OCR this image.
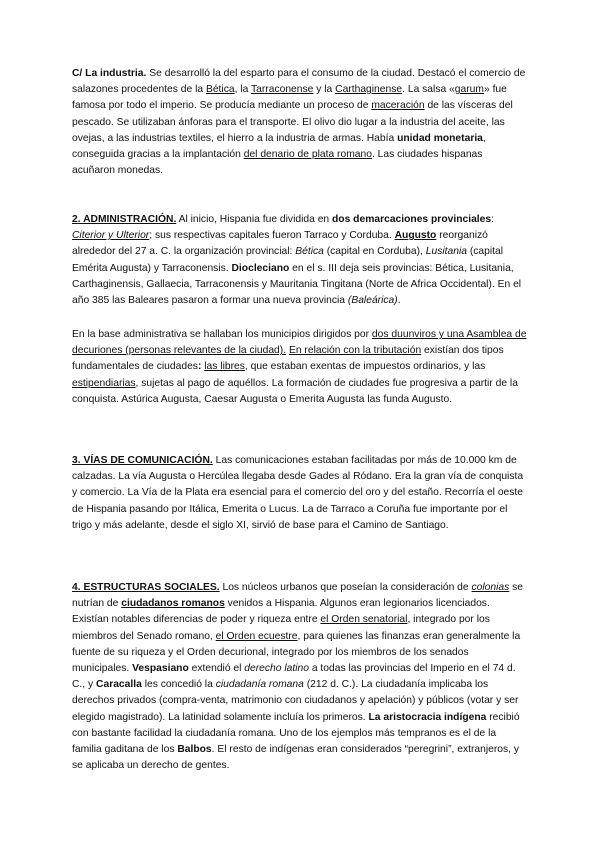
C/ La industria. Se desarrolló la del esparto para el consumo de la ciudad. Destacó el comercio de salazones procedentes de la Bética, la Tarraconense y la Carthaginense. La salsa «garum» fue famosa por todo el imperio. Se producía mediante un proceso de maceración de las vísceras del pescado. Se utilizaban ánforas para el transporte. El olivo dio lugar a la industria del aceite, las ovejas, a las industrias textiles, el hierro a la industria de armas. Había unidad monetaria, conseguida gracias a la implantación del denario de plata romano. Las ciudades hispanas acuñaron monedas.

2. ADMINISTRACIÓN. Al inicio, Hispania fue dividida en dos demarcaciones provinciales: Citerior y Ulterior; sus respectivas capitales fueron Tarraco y Corduba. Augusto reorganizó alrededor del 27 a. C. la organización provincial: Bética (capital en Corduba), Lusitania (capital Emérita Augusta) y Tarraconensis. Diocleciano en el s. III deja seis provincias: Bética, Lusitania, Carthaginensis, Gallaecia, Tarraconensis y Mauritania Tingitana (Norte de Africa Occidental). En el año 385 las Baleares pasaron a formar una nueva provincia (Baleárica).

En la base administrativa se hallaban los municipios dirigidos por dos duunviros y una Asamblea de decuriones (personas relevantes de la ciudad). En relación con la tributación existían dos tipos fundamentales de ciudades: las libres, que estaban exentas de impuestos ordinarios, y las estipendiarias, sujetas al pago de aquéllos. La formación de ciudades fue progresiva a partir de la conquista. Astúrica Augusta, Caesar Augusta o Emerita Augusta las funda Augusto.

3. VÍAS DE COMUNICACIÓN. Las comunicaciones estaban facilitadas por más de 10.000 km de calzadas. La vía Augusta o Hercúlea llegaba desde Gades al Ródano. Era la gran vía de conquista y comercio. La Vía de la Plata era esencial para el comercio del oro y del estaño. Recorría el oeste de Hispania pasando por Itálica, Emerita o Lucus. La de Tarraco a Coruña fue importante por el trigo y más adelante, desde el siglo XI, sirvió de base para el Camino de Santiago.

4. ESTRUCTURAS SOCIALES. Los núcleos urbanos que poseían la consideración de colonias se nutrían de ciudadanos romanos venidos a Hispania. Algunos eran legionarios licenciados. Existían notables diferencias de poder y riqueza entre el Orden senatorial, integrado por los miembros del Senado romano, el Orden ecuestre, para quienes las finanzas eran generalmente la fuente de su riqueza y el Orden decurional, integrado por los miembros de los senados municipales. Vespasiano extendió el derecho latino a todas las provincias del Imperio en el 74 d. C., y Caracalla les concedió la ciudadanía romana (212 d. C.). La ciudadanía implicaba los derechos privados (compra-venta, matrimonio con ciudadanos y apelación) y públicos (votar y ser elegido magistrado). La latinidad solamente incluía los primeros. La aristocracia indígena recibió con bastante facilidad la ciudadanía romana. Uno de los ejemplos más tempranos es el de la familia gaditana de los Balbos. El resto de indígenas eran considerados “peregrini”, extranjeros, y se aplicaba un derecho de gentes.
